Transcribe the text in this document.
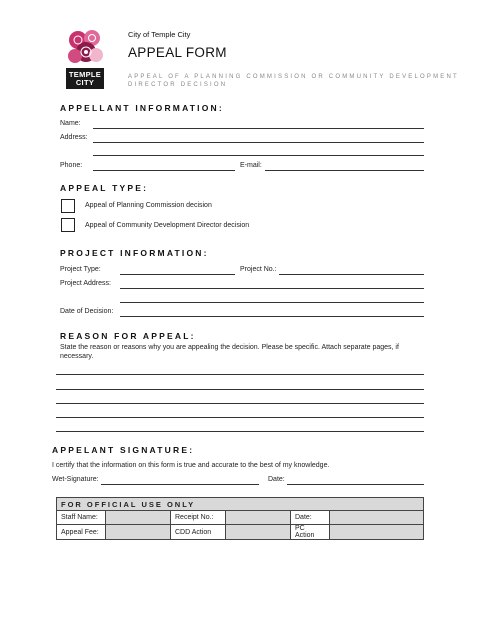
TEMPLE
CITY
City of Temple City
APPEAL FORM
APPEAL OF A PLANNING COMMISSION OR COMMUNITY DEVELOPMENT
DIRECTOR DECISION
APPELLANT INFORMATION:
Name:
Address:
Phone:	E-mail:
APPEAL TYPE:
Appeal of Planning Commission decision
Appeal of Community Development Director decision
PROJECT INFORMATION:
Project Type:	Project No.:
Project Address:
Date of Decision:
REASON FOR APPEAL:
State the reason or reasons why you are appealing the decision. Please be specific. Attach separate pages, if
necessary.
APPELANT SIGNATURE:
I certify that the information on this form is true and accurate to the best of my knowledge.
Wet-Signature:	Date:
FOR OFFICIAL USE ONLY					
Staff Name:		Receipt No.:		Date:	
Appeal Fee:		CDD Action		PC Action	
